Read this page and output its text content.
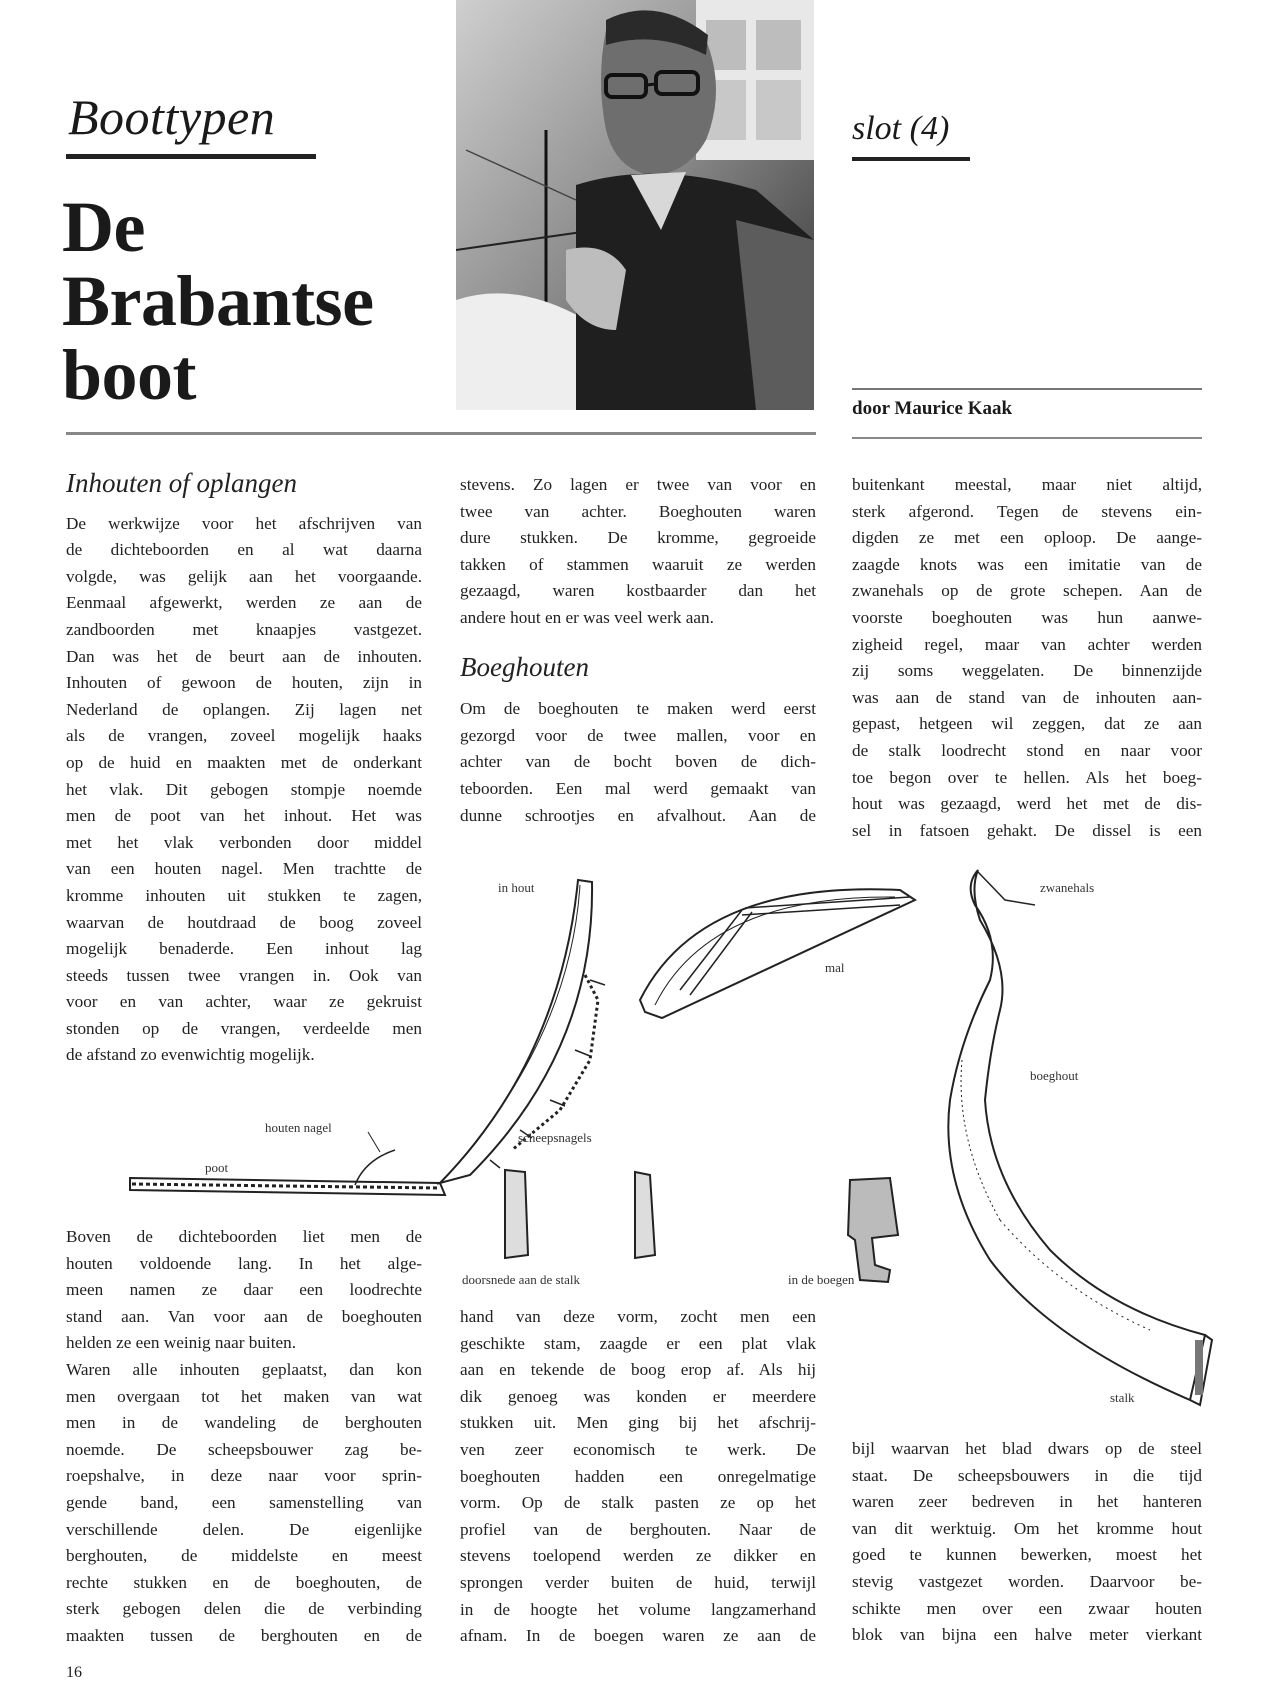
Boottypen	slot (4)
De
Brabantse
boot	door Maurice Kaak
Inhouten of oplangen
De werkwijze voor het afschrijven van
de dichteboorden en al wat daarna
volgde, was gelijk aan het voorgaande.
Eenmaal afgewerkt, werden ze aan de
zandboorden met knaapjes vastgezet.
Dan was het de beurt aan de inhouten.
Inhouten of gewoon de houten, zijn in
Nederland de oplangen. Zij lagen net
als de vrangen, zoveel mogelijk haaks
op de huid en maakten met de onderkant
het vlak. Dit gebogen stompje noemde
men de poot van het inhout. Het was
met het vlak verbonden door middel
van een houten nagel. Men trachtte de
kromme inhouten uit stukken te zagen,
waarvan de houtdraad de boog zoveel
mogelijk benaderde. Een inhout lag
steeds tussen twee vrangen in. Ook van
voor en van achter, waar ze gekruist
stonden op de vrangen, verdeelde men
de afstand zo evenwichtig mogelijk.
stevens. Zo lagen er twee van voor en
twee van achter. Boeghouten waren
dure stukken. De kromme, gegroeide
takken of stammen waaruit ze werden
gezaagd, waren kostbaarder dan het
andere hout en er was veel werk aan.
Boeghouten
Om de boeghouten te maken werd eerst
gezorgd voor de twee mallen, voor en
achter van de bocht boven de dich-
teboorden. Een mal werd gemaakt van
dunne schrootjes en afvalhout. Aan de
buitenkant meestal, maar niet altijd,
sterk afgerond. Tegen de stevens ein-
digden ze met een oploop. De aange-
zaagde knots was een imitatie van de
zwanehals op de grote schepen. Aan de
voorste boeghouten was hun aanwe-
zigheid regel, maar van achter werden
zij soms weggelaten. De binnenzijde
was aan de stand van de inhouten aan-
gepast, hetgeen wil zeggen, dat ze aan
de stalk loodrecht stond en naar voor
toe begon over te hellen. Als het boeg-
hout was gezaagd, werd het met de dis-
sel in fatsoen gehakt. De dissel is een
in hout
houten nagel
scheepsnagels
poot
mal
zwanehals
boeghout
doorsnede aan de stalk	in de boegen
stalk
Boven de dichteboorden liet men de
houten voldoende lang. In het alge-
meen namen ze daar een loodrechte
stand aan. Van voor aan de boeghouten
helden ze een weinig naar buiten.
Waren alle inhouten geplaatst, dan kon
men overgaan tot het maken van wat
men in de wandeling de berghouten
noemde. De scheepsbouwer zag be-
roepshalve, in deze naar voor sprin-
gende band, een samenstelling van
verschillende delen. De eigenlijke
berghouten, de middelste en meest
rechte stukken en de boeghouten, de
sterk gebogen delen die de verbinding
maakten tussen de berghouten en de
hand van deze vorm, zocht men een
geschikte stam, zaagde er een plat vlak
aan en tekende de boog erop af. Als hij
dik genoeg was konden er meerdere
stukken uit. Men ging bij het afschrij-
ven zeer economisch te werk. De
boeghouten hadden een onregelmatige
vorm. Op de stalk pasten ze op het
profiel van de berghouten. Naar de
stevens toelopend werden ze dikker en
sprongen verder buiten de huid, terwijl
in de hoogte het volume langzamerhand
afnam. In de boegen waren ze aan de
bijl waarvan het blad dwars op de steel
staat. De scheepsbouwers in die tijd
waren zeer bedreven in het hanteren
van dit werktuig. Om het kromme hout
goed te kunnen bewerken, moest het
stevig vastgezet worden. Daarvoor be-
schikte men over een zwaar houten
blok van bijna een halve meter vierkant
16
